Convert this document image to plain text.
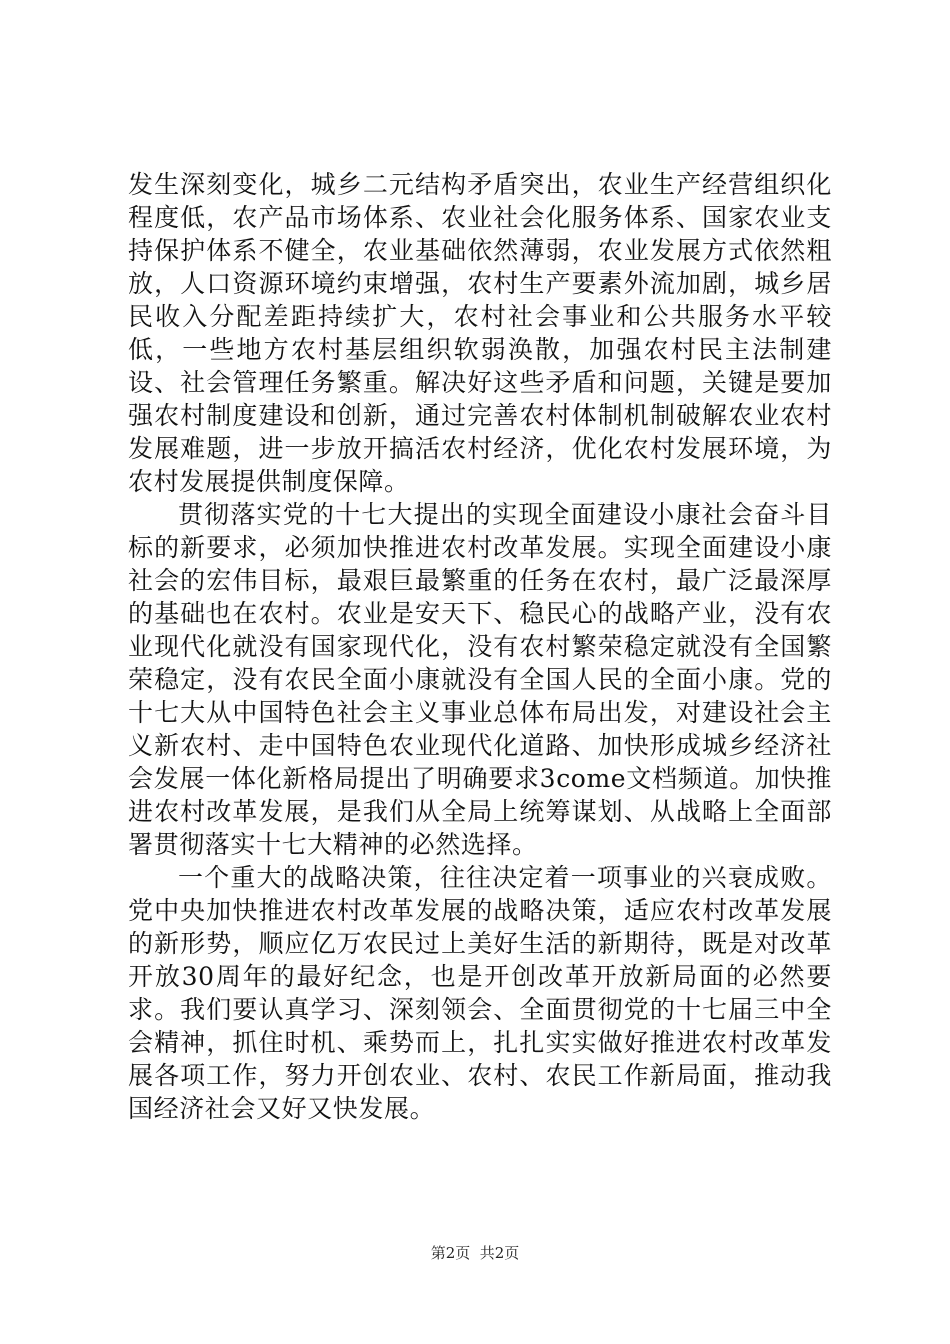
发生深刻变化，城乡二元结构矛盾突出，农业生产经营组织化程度低，农产品市场体系、农业社会化服务体系、国家农业支持保护体系不健全，农业基础依然薄弱，农业发展方式依然粗放，人口资源环境约束增强，农村生产要素外流加剧，城乡居民收入分配差距持续扩大，农村社会事业和公共服务水平较低，一些地方农村基层组织软弱涣散，加强农村民主法制建设、社会管理任务繁重。解决好这些矛盾和问题，关键是要加强农村制度建设和创新，通过完善农村体制机制破解农业农村发展难题，进一步放开搞活农村经济，优化农村发展环境，为农村发展提供制度保障。

贯彻落实党的十七大提出的实现全面建设小康社会奋斗目标的新要求，必须加快推进农村改革发展。实现全面建设小康社会的宏伟目标，最艰巨最繁重的任务在农村，最广泛最深厚的基础也在农村。农业是安天下、稳民心的战略产业，没有农业现代化就没有国家现代化，没有农村繁荣稳定就没有全国繁荣稳定，没有农民全面小康就没有全国人民的全面小康。党的十七大从中国特色社会主义事业总体布局出发，对建设社会主义新农村、走中国特色农业现代化道路、加快形成城乡经济社会发展一体化新格局提出了明确要求3come文档频道。加快推进农村改革发展，是我们从全局上统筹谋划、从战略上全面部署贯彻落实十七大精神的必然选择。

一个重大的战略决策，往往决定着一项事业的兴衰成败。党中央加快推进农村改革发展的战略决策，适应农村改革发展的新形势，顺应亿万农民过上美好生活的新期待，既是对改革开放30周年的最好纪念，也是开创改革开放新局面的必然要求。我们要认真学习、深刻领会、全面贯彻党的十七届三中全会精神，抓住时机、乘势而上，扎扎实实做好推进农村改革发展各项工作，努力开创农业、农村、农民工作新局面，推动我国经济社会又好又快发展。

第2页  共2页
